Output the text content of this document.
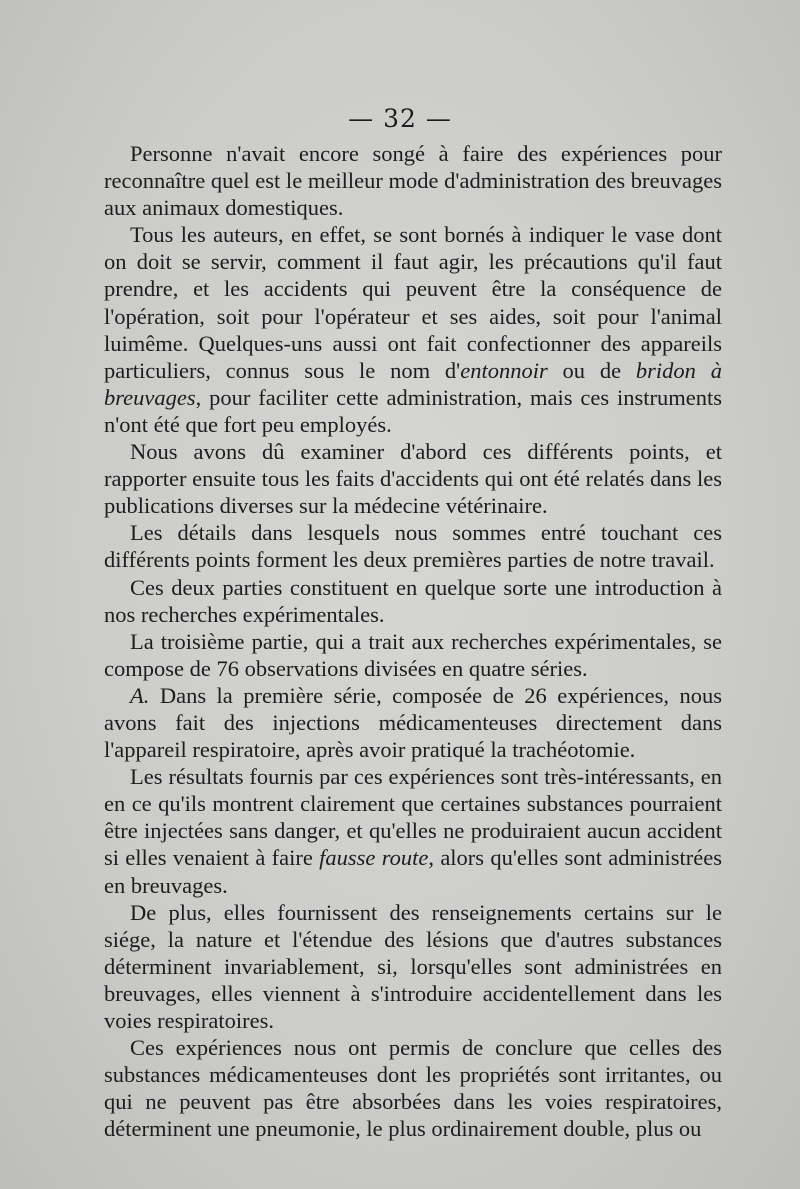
— 32 —

Personne n'avait encore songé à faire des expériences pour reconnaître quel est le meilleur mode d'administration des breuvages aux animaux domestiques.

Tous les auteurs, en effet, se sont bornés à indiquer le vase dont on doit se servir, comment il faut agir, les précautions qu'il faut prendre, et les accidents qui peuvent être la conséquence de l'opération, soit pour l'opérateur et ses aides, soit pour l'animal luimême. Quelques-uns aussi ont fait confectionner des appareils particuliers, connus sous le nom d'entonnoir ou de bridon à breuvages, pour faciliter cette administration, mais ces instruments n'ont été que fort peu employés.

Nous avons dû examiner d'abord ces différents points, et rapporter ensuite tous les faits d'accidents qui ont été relatés dans les publications diverses sur la médecine vétérinaire.

Les détails dans lesquels nous sommes entré touchant ces différents points forment les deux premières parties de notre travail.

Ces deux parties constituent en quelque sorte une introduction à nos recherches expérimentales.

La troisième partie, qui a trait aux recherches expérimentales, se compose de 76 observations divisées en quatre séries.

A. Dans la première série, composée de 26 expériences, nous avons fait des injections médicamenteuses directement dans l'appareil respiratoire, après avoir pratiqué la trachéotomie.

Les résultats fournis par ces expériences sont très-intéressants, en en ce qu'ils montrent clairement que certaines substances pourraient être injectées sans danger, et qu'elles ne produiraient aucun accident si elles venaient à faire fausse route, alors qu'elles sont administrées en breuvages.

De plus, elles fournissent des renseignements certains sur le siége, la nature et l'étendue des lésions que d'autres substances déterminent invariablement, si, lorsqu'elles sont administrées en breuvages, elles viennent à s'introduire accidentellement dans les voies respiratoires.

Ces expériences nous ont permis de conclure que celles des substances médicamenteuses dont les propriétés sont irritantes, ou qui ne peuvent pas être absorbées dans les voies respiratoires, déterminent une pneumonie, le plus ordinairement double, plus ou
